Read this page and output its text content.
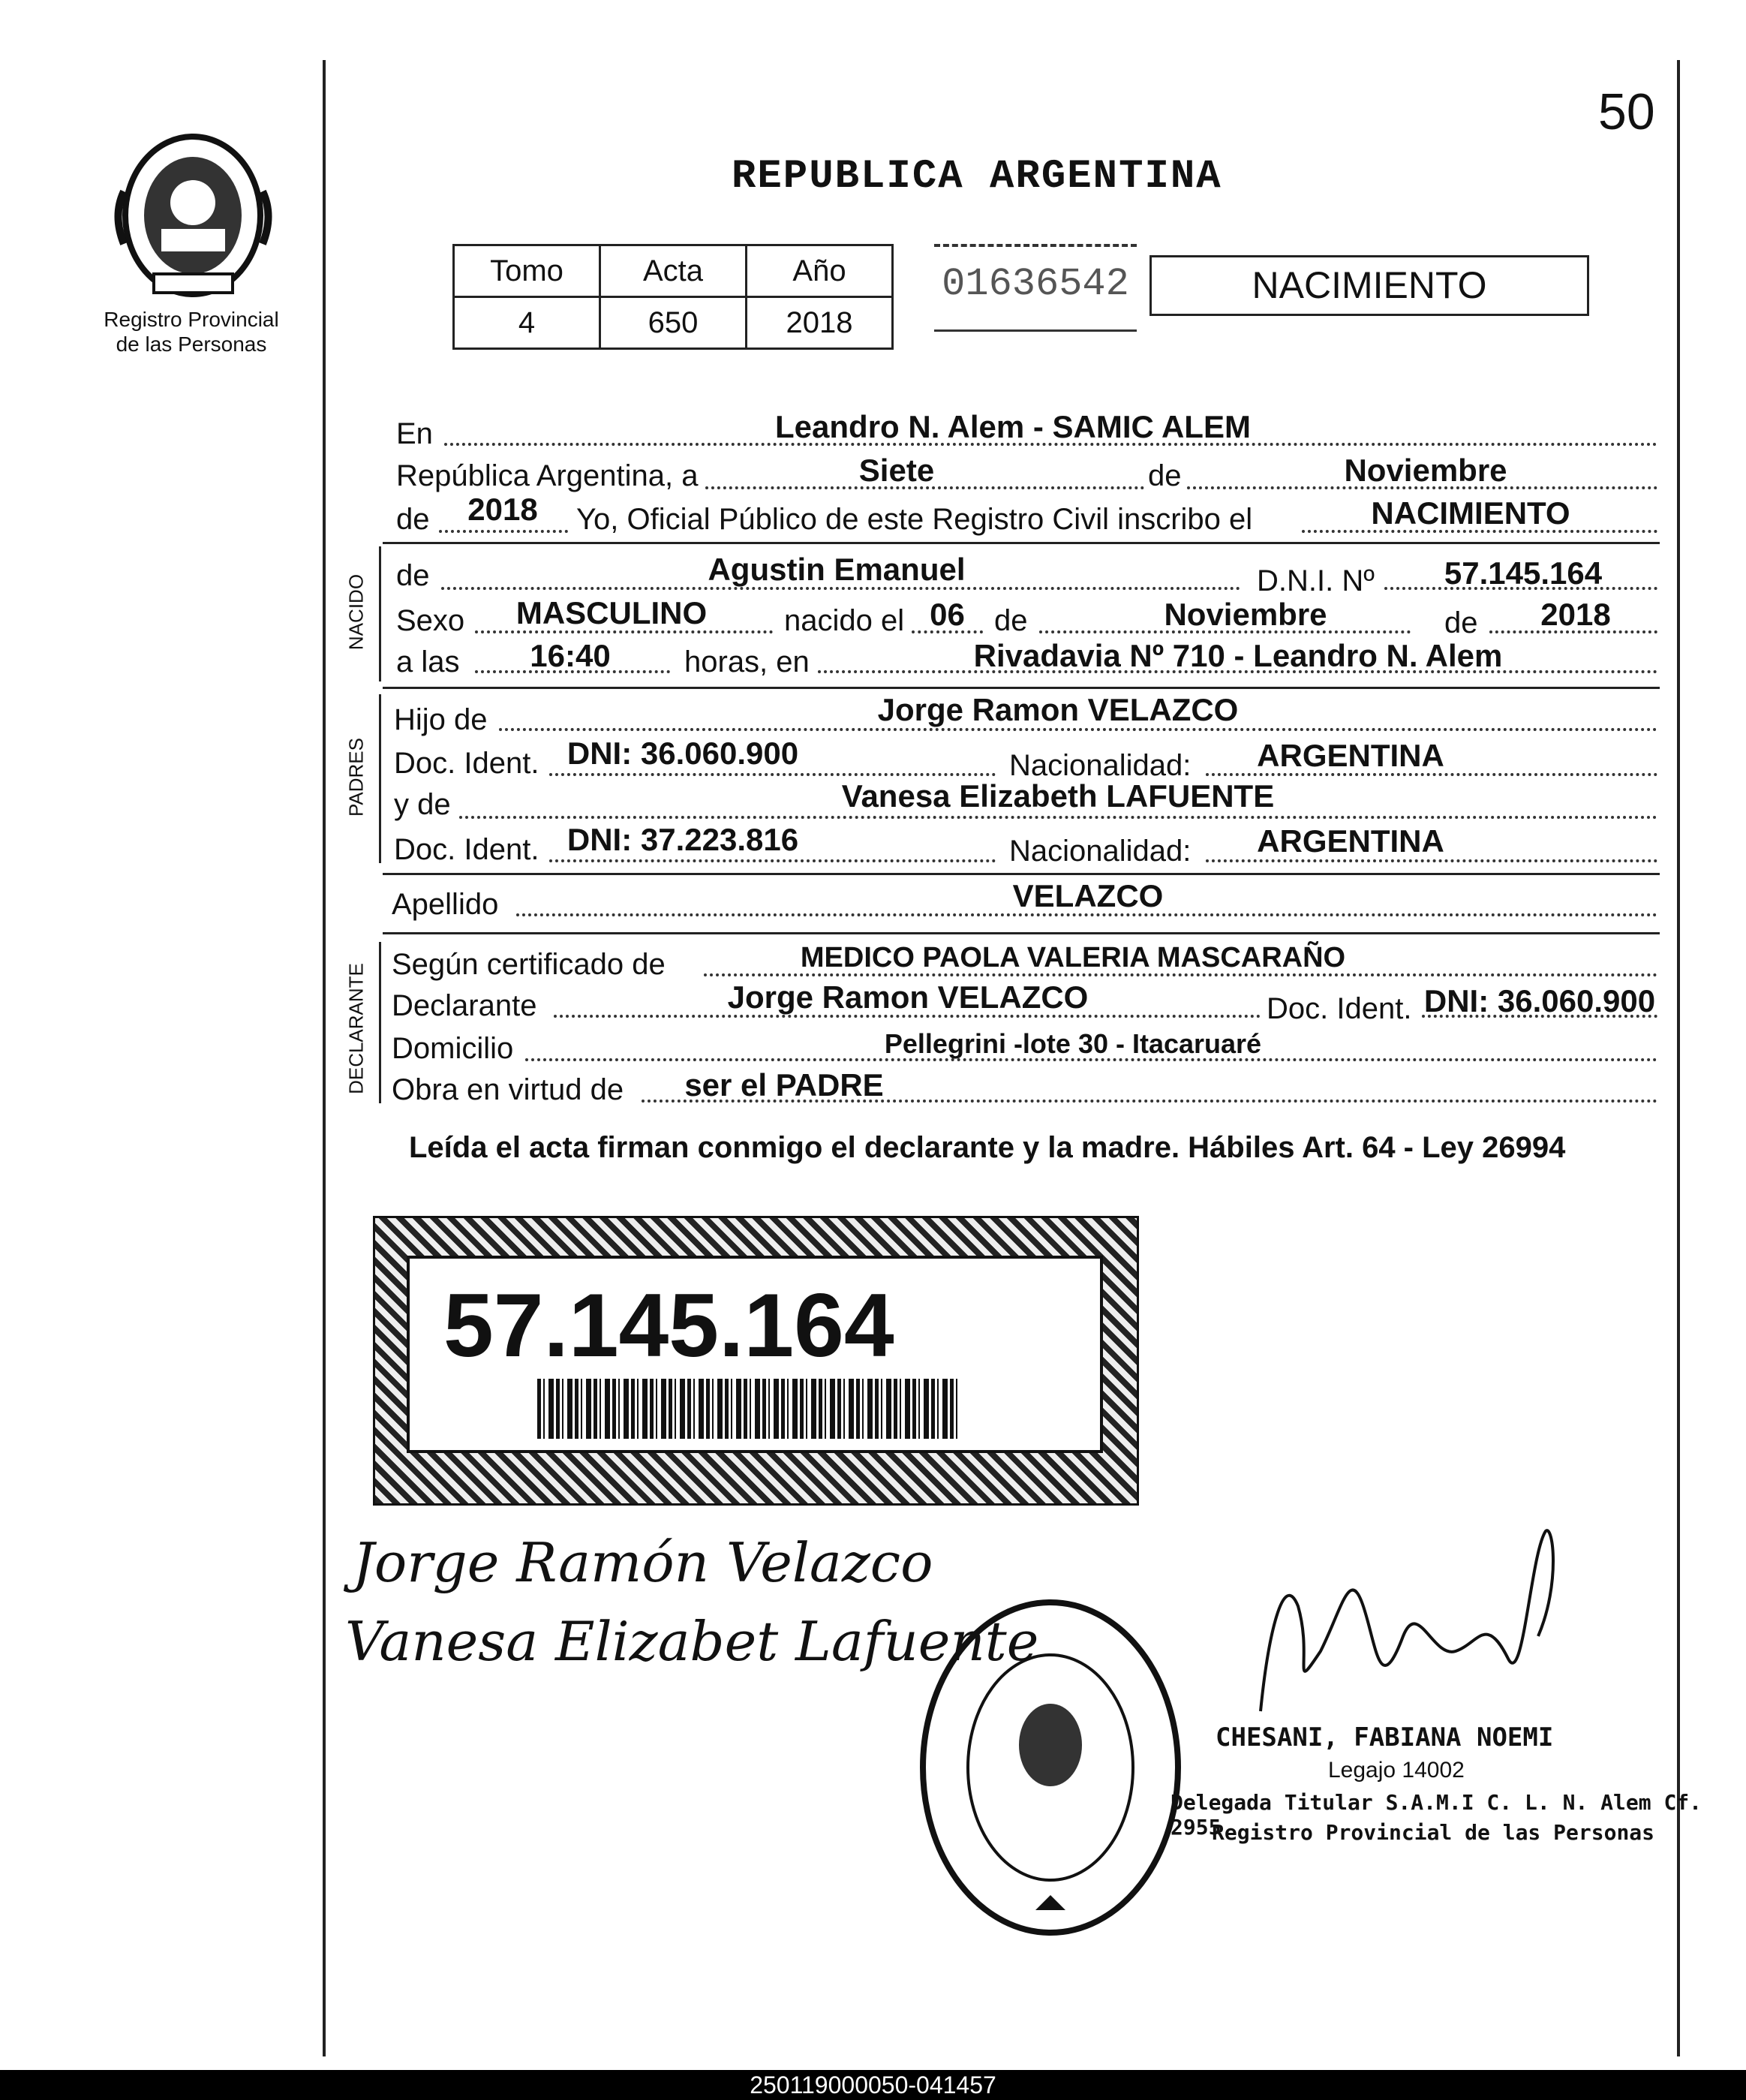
50
Registro Provincial
de las Personas
REPUBLICA ARGENTINA
Tomo	Acta	Año
4	650	2018
01636542	NACIMIENTO
En	Leandro N. Alem - SAMIC ALEM
República Argentina, a	Siete	de	Noviembre
de	2018	Yo, Oficial Público de este Registro Civil inscribo el	NACIMIENTO
NACIDO de	Agustin Emanuel	D.N.I. Nº	57.145.164
Sexo	MASCULINO	nacido el 06 de	Noviembre	de	2018
a las	16:40	horas, en	Rivadavia Nº 710 - Leandro N. Alem
PADRES
Hijo de	Jorge Ramon VELAZCO
Doc. Ident. DNI: 36.060.900	Nacionalidad:	ARGENTINA
y de	Vanesa Elizabeth LAFUENTE
Doc. Ident. DNI: 37.223.816	Nacionalidad:	ARGENTINA
Apellido	VELAZCO
DECLARANTE Según certificado de	MEDICO PAOLA VALERIA MASCARAÑO
Declarante	Jorge Ramon VELAZCO	Doc. Ident. DNI: 36.060.900
Domicilio	Pellegrini -lote 30 - Itacaruaré
Obra en virtud de	ser el PADRE
Leída el acta firman conmigo el declarante y la madre. Hábiles Art. 64 - Ley 26994
57.145.164
Jorge Ramón Velazco
Vanesa Elizabet Lafuente
CHESANI, FABIANA NOEMI
Legajo 14002
Delegada Titular S.A.M.I C. L. N. Alem Cf. 2955
Registro Provincial de las Personas
250119000050-041457
